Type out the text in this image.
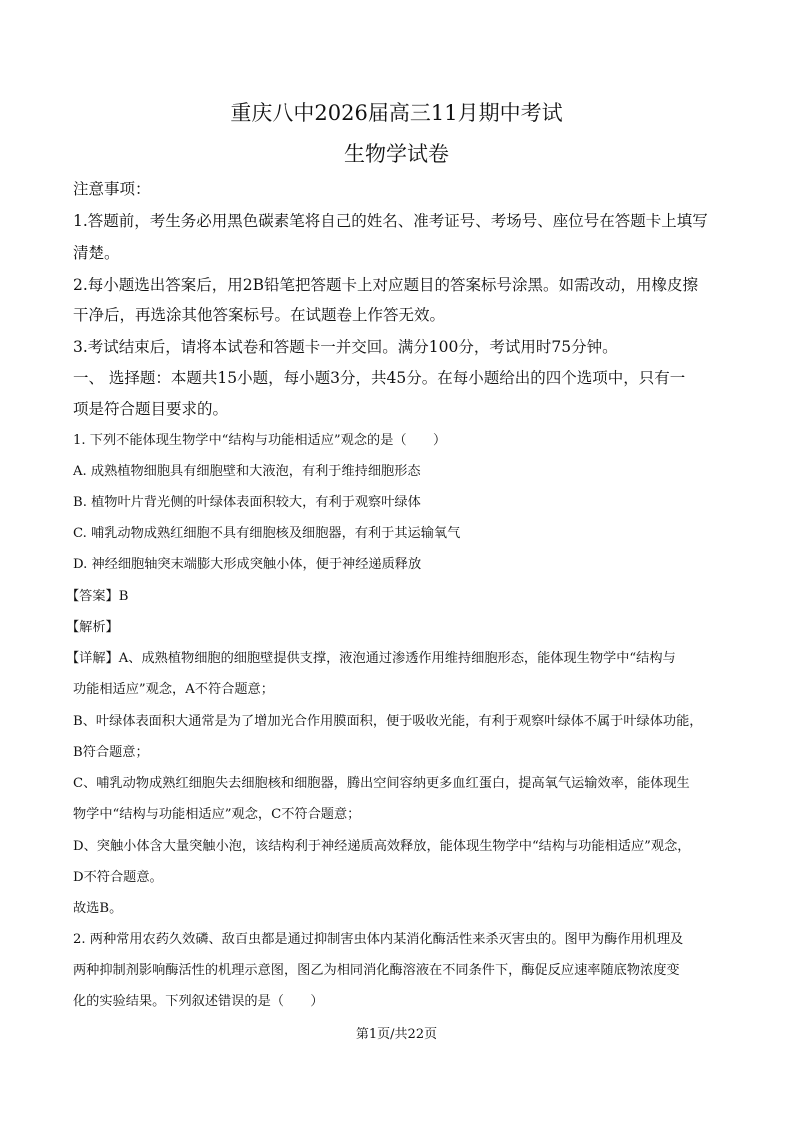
重庆八中2026届高三11月期中考试
生物学试卷
注意事项：
1.答题前，考生务必用黑色碳素笔将自己的姓名、准考证号、考场号、座位号在答题卡上填写
清楚。
2.每小题选出答案后，用2B铅笔把答题卡上对应题目的答案标号涂黑。如需改动，用橡皮擦
干净后，再选涂其他答案标号。在试题卷上作答无效。
3.考试结束后，请将本试卷和答题卡一并交回。满分100分，考试用时75分钟。
一、 选择题：本题共15小题，每小题3分，共45分。在每小题给出的四个选项中，只有一
项是符合题目要求的。
1. 下列不能体现生物学中“结构与功能相适应”观念的是（　　）
A. 成熟植物细胞具有细胞壁和大液泡，有利于维持细胞形态
B. 植物叶片背光侧的叶绿体表面积较大，有利于观察叶绿体
C. 哺乳动物成熟红细胞不具有细胞核及细胞器，有利于其运输氧气
D. 神经细胞轴突末端膨大形成突触小体，便于神经递质释放
【答案】B
【解析】
【详解】A、成熟植物细胞的细胞壁提供支撑，液泡通过渗透作用维持细胞形态，能体现生物学中“结构与
功能相适应”观念，A不符合题意；
B、叶绿体表面积大通常是为了增加光合作用膜面积，便于吸收光能，有利于观察叶绿体不属于叶绿体功能，
B符合题意；
C、哺乳动物成熟红细胞失去细胞核和细胞器，腾出空间容纳更多血红蛋白，提高氧气运输效率，能体现生
物学中“结构与功能相适应”观念，C不符合题意；
D、突触小体含大量突触小泡，该结构利于神经递质高效释放，能体现生物学中“结构与功能相适应”观念，
D不符合题意。
故选B。
2. 两种常用农药久效磷、敌百虫都是通过抑制害虫体内某消化酶活性来杀灭害虫的。图甲为酶作用机理及
两种抑制剂影响酶活性的机理示意图，图乙为相同消化酶溶液在不同条件下，酶促反应速率随底物浓度变
化的实验结果。下列叙述错误的是（　　）
第1页/共22页
